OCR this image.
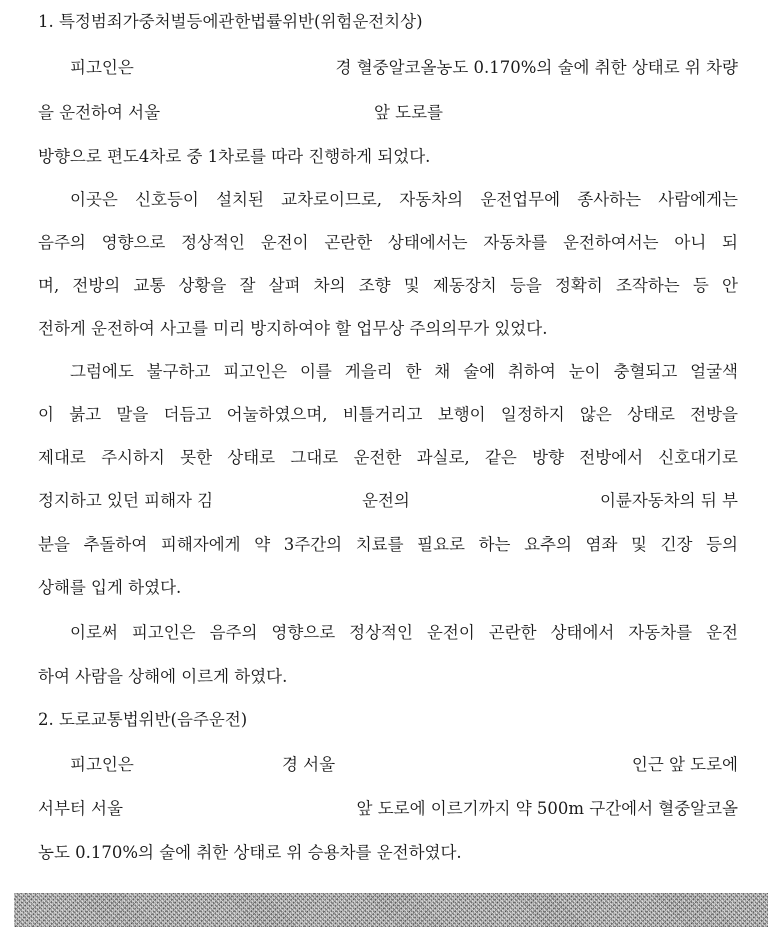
1. 특정범죄가중처벌등에관한법률위반(위험운전치상)
피고인은	경 혈중알코올농도 0.170%의 술에 취한 상태로 위 차량
을 운전하여 서울	앞 도로를
방향으로 편도4차로 중 1차로를 따라 진행하게 되었다.
이곳은 신호등이 설치된 교차로이므로, 자동차의 운전업무에 종사하는 사람에게는
음주의 영향으로 정상적인 운전이 곤란한 상태에서는 자동차를 운전하여서는 아니 되
며, 전방의 교통 상황을 잘 살펴 차의 조향 및 제동장치 등을 정확히 조작하는 등 안
전하게 운전하여 사고를 미리 방지하여야 할 업무상 주의의무가 있었다.
그럼에도 불구하고 피고인은 이를 게을리 한 채 술에 취하여 눈이 충혈되고 얼굴색
이 붉고 말을 더듬고 어눌하였으며, 비틀거리고 보행이 일정하지 않은 상태로 전방을
제대로 주시하지 못한 상태로 그대로 운전한 과실로, 같은 방향 전방에서 신호대기로
정지하고 있던 피해자 김	운전의	이륜자동차의 뒤 부
분을 추돌하여 피해자에게 약 3주간의 치료를 필요로 하는 요추의 염좌 및 긴장 등의
상해를 입게 하였다.
이로써 피고인은 음주의 영향으로 정상적인 운전이 곤란한 상태에서 자동차를 운전
하여 사람을 상해에 이르게 하였다.
2. 도로교통법위반(음주운전)
피고인은	경 서울	인근 앞 도로에
서부터 서울	앞 도로에 이르기까지 약 500m 구간에서 혈중알코올
농도 0.170%의 술에 취한 상태로 위 승용차를 운전하였다.
